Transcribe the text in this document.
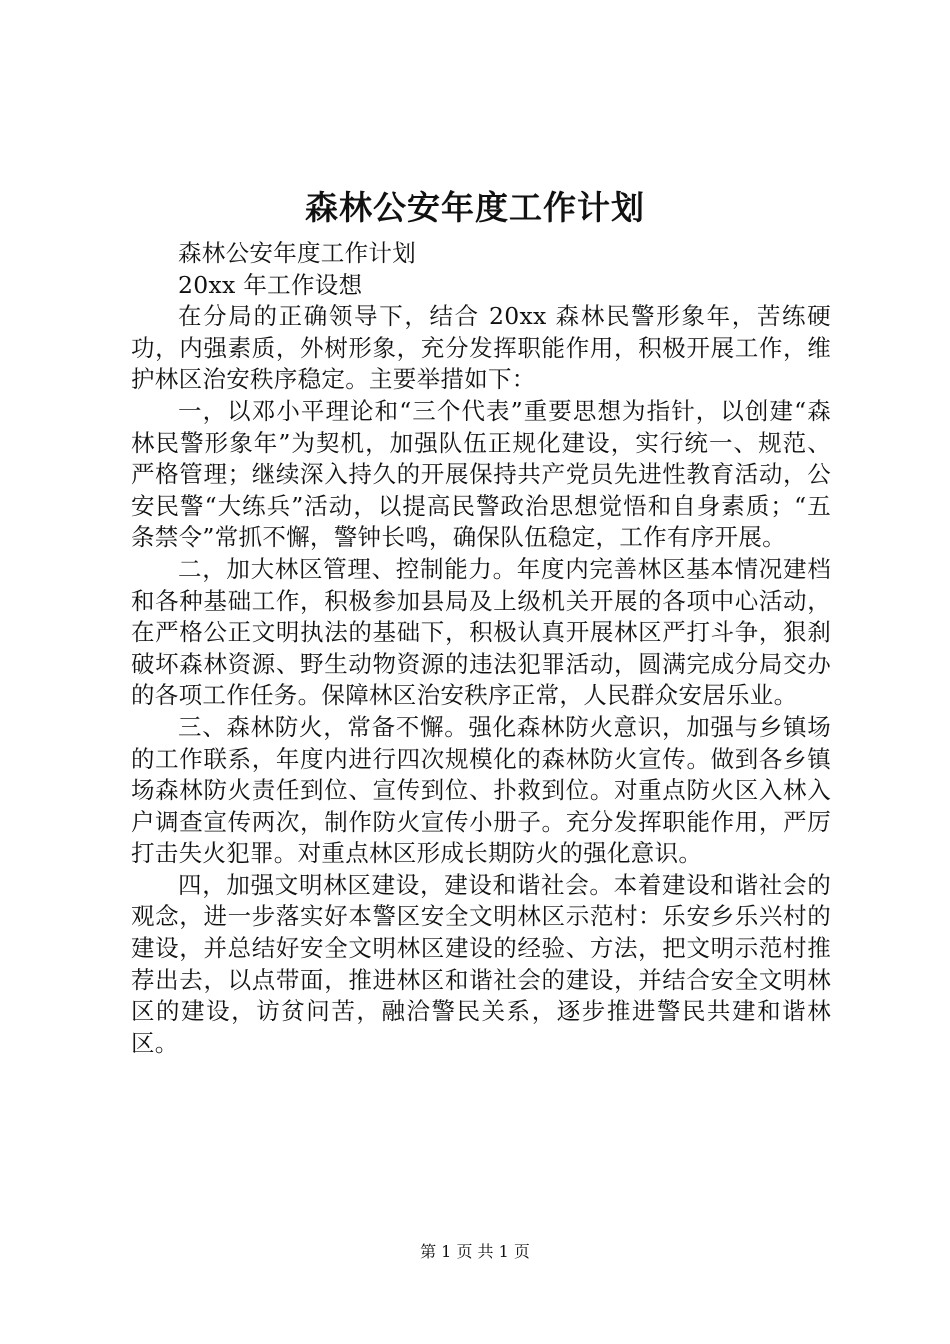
森林公安年度工作计划

森林公安年度工作计划

20xx 年工作设想

在分局的正确领导下，结合 20xx 森林民警形象年，苦练硬功，内强素质，外树形象，充分发挥职能作用，积极开展工作，维护林区治安秩序稳定。主要举措如下：

一，以邓小平理论和“三个代表”重要思想为指针，以创建“森林民警形象年”为契机，加强队伍正规化建设，实行统一、规范、严格管理；继续深入持久的开展保持共产党员先进性教育活动，公安民警“大练兵”活动，以提高民警政治思想觉悟和自身素质；“五条禁令”常抓不懈，警钟长鸣，确保队伍稳定，工作有序开展。

二，加大林区管理、控制能力。年度内完善林区基本情况建档和各种基础工作，积极参加县局及上级机关开展的各项中心活动，在严格公正文明执法的基础下，积极认真开展林区严打斗争，狠刹破坏森林资源、野生动物资源的违法犯罪活动，圆满完成分局交办的各项工作任务。保障林区治安秩序正常，人民群众安居乐业。

三、森林防火，常备不懈。强化森林防火意识，加强与乡镇场的工作联系，年度内进行四次规模化的森林防火宣传。做到各乡镇场森林防火责任到位、宣传到位、扑救到位。对重点防火区入林入户调查宣传两次，制作防火宣传小册子。充分发挥职能作用，严厉打击失火犯罪。对重点林区形成长期防火的强化意识。

四，加强文明林区建设，建设和谐社会。本着建设和谐社会的观念，进一步落实好本警区安全文明林区示范村：乐安乡乐兴村的建设，并总结好安全文明林区建设的经验、方法，把文明示范村推荐出去，以点带面，推进林区和谐社会的建设，并结合安全文明林区的建设，访贫问苦，融洽警民关系，逐步推进警民共建和谐林区。

第 1 页 共 1 页
